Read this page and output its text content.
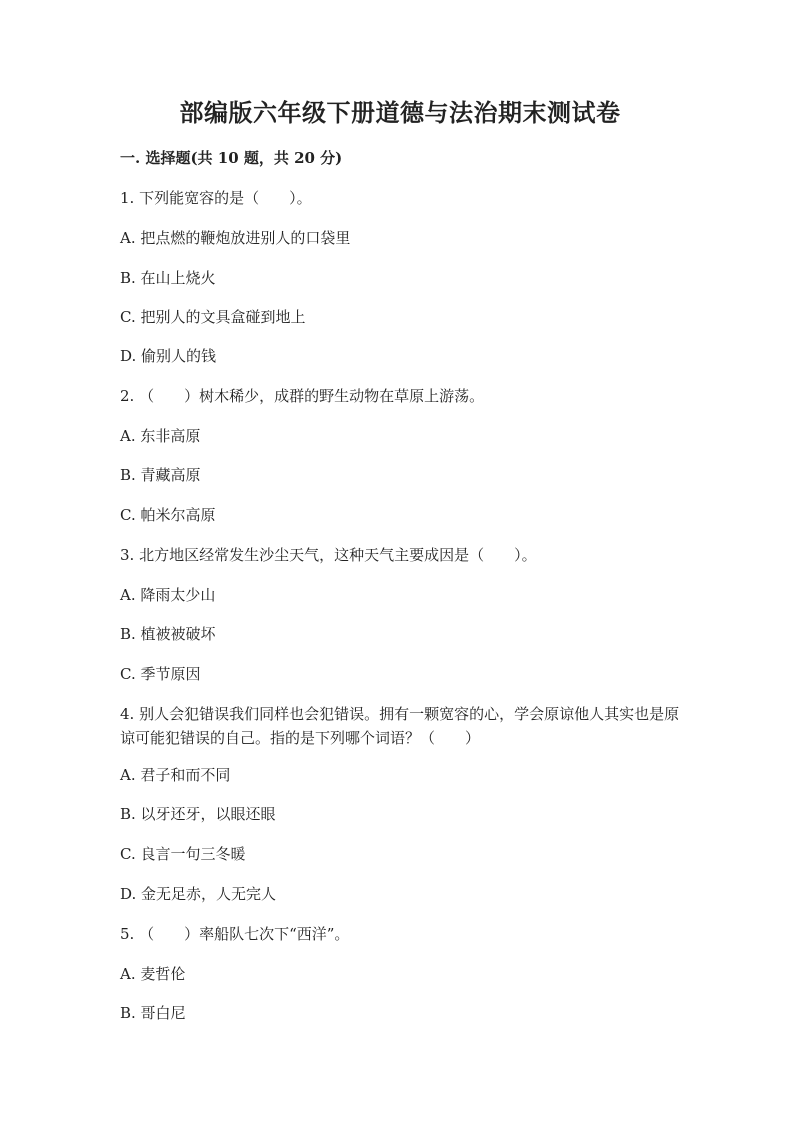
部编版六年级下册道德与法治期末测试卷
一. 选择题(共 10 题，共 20 分)
1. 下列能宽容的是（　　）。
A. 把点燃的鞭炮放进别人的口袋里
B. 在山上烧火
C. 把别人的文具盒碰到地上
D. 偷别人的钱
2. （　　）树木稀少，成群的野生动物在草原上游荡。
A. 东非高原
B. 青藏高原
C. 帕米尔高原
3. 北方地区经常发生沙尘天气，这种天气主要成因是（　　）。
A. 降雨太少山
B. 植被被破坏
C. 季节原因
4. 别人会犯错误我们同样也会犯错误。拥有一颗宽容的心，学会原谅他人其实也是原谅可能犯错误的自己。指的是下列哪个词语？（　　）
A. 君子和而不同
B. 以牙还牙，以眼还眼
C. 良言一句三冬暖
D. 金无足赤，人无完人
5. （　　）率船队七次下“西洋”。
A. 麦哲伦
B. 哥白尼
